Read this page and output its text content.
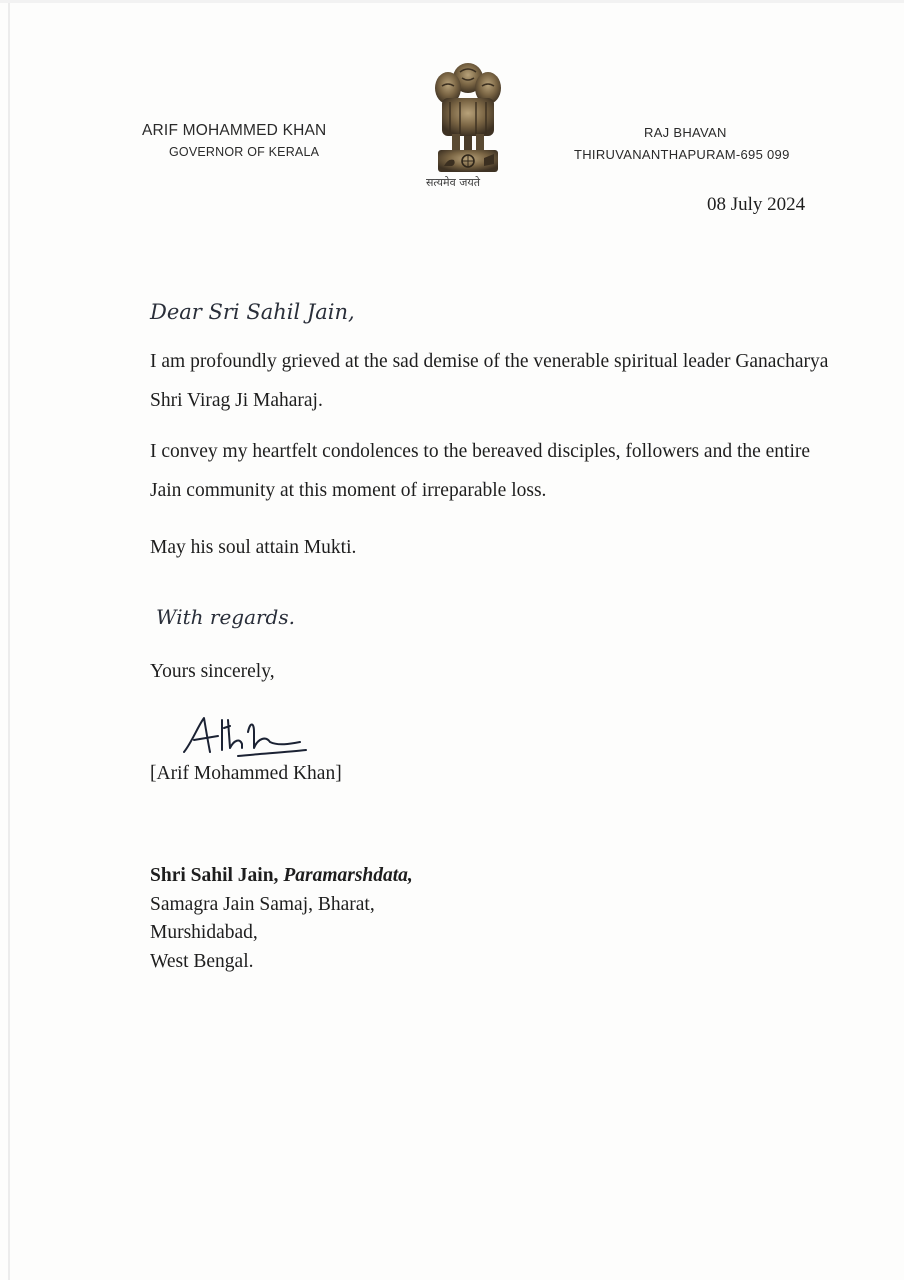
ARIF MOHAMMED KHAN
GOVERNOR OF KERALA
सत्यमेव जयते
RAJ BHAVAN
THIRUVANANTHAPURAM-695 099
08 July 2024
Dear Sri Sahil Jain,
I am profoundly grieved at the sad demise of the venerable spiritual leader Ganacharya Shri Virag Ji Maharaj.
I convey my heartfelt condolences to the bereaved disciples, followers and the entire Jain community at this moment of irreparable loss.
May his soul attain Mukti.
With regards.
Yours sincerely,
[Arif Mohammed Khan]
Shri Sahil Jain, Paramarshdata,
Samagra Jain Samaj, Bharat,
Murshidabad,
West Bengal.
